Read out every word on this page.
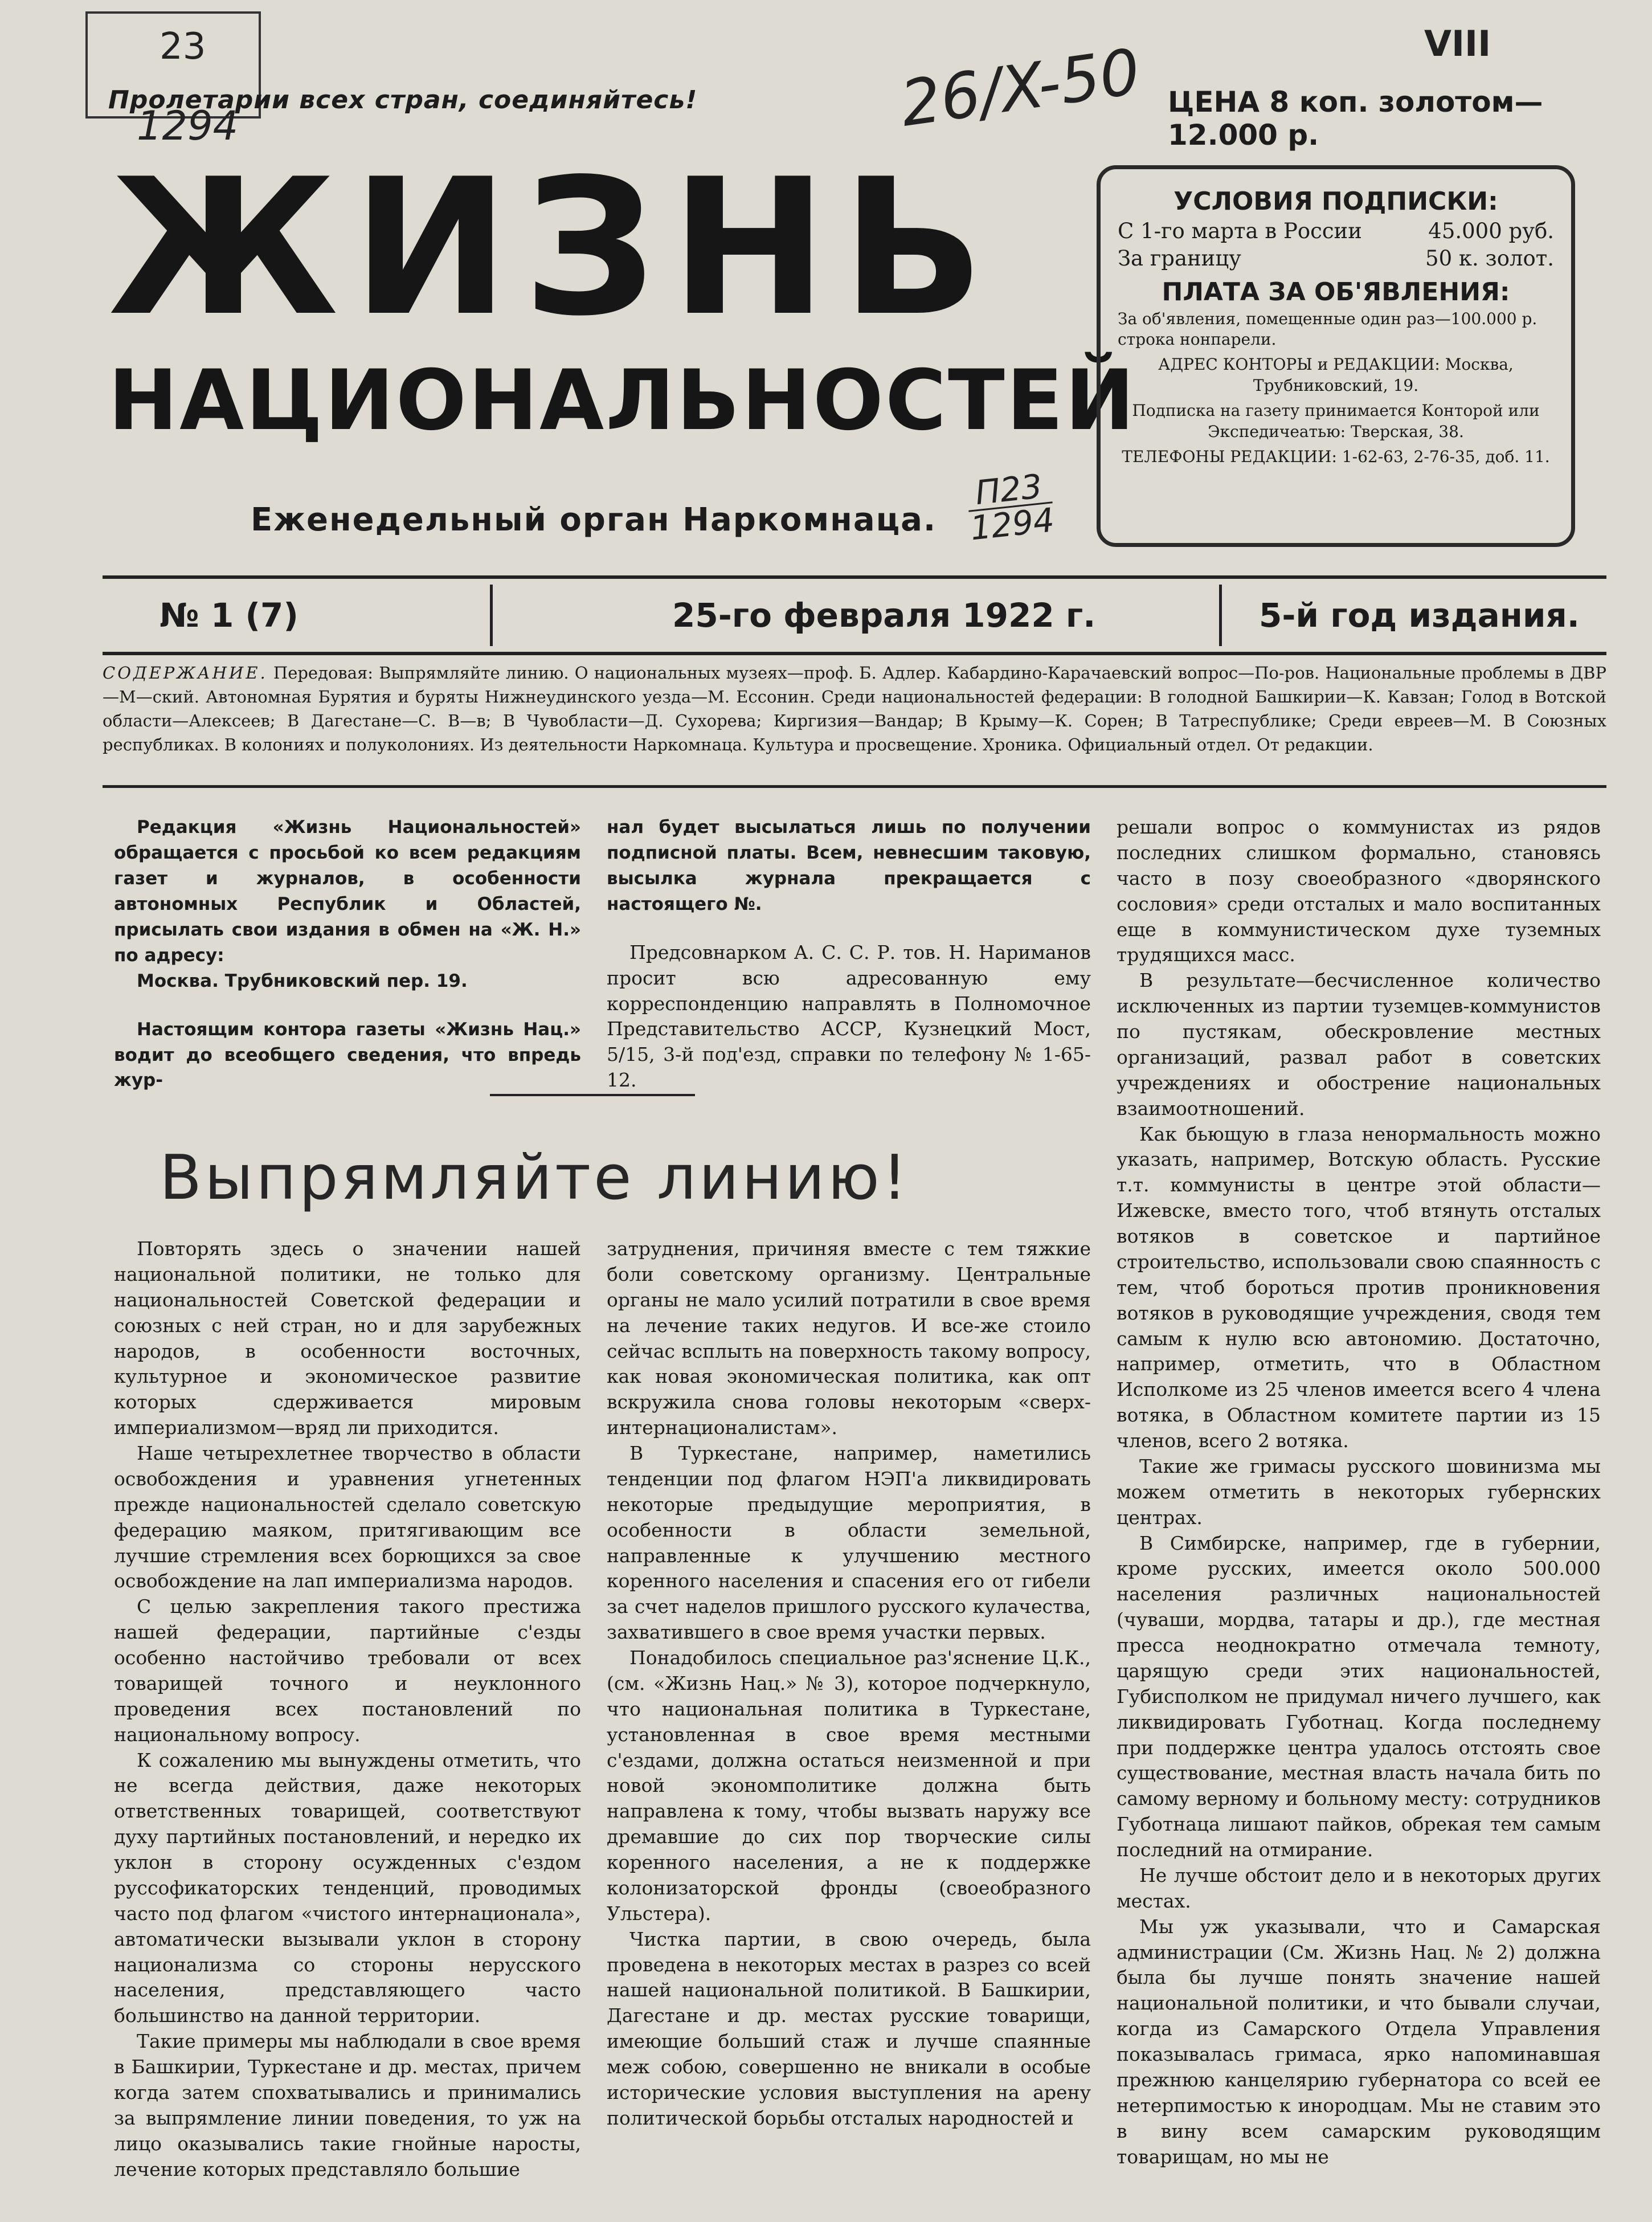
23
1294	26/X-50	VIII
П23
1294
Пролетарии всех стран, соединяйтесь!	ЦЕНА 8 коп. золотом—12.000 р.
ЖИЗНЬ
НАЦИОНАЛЬНОСТЕЙ
Еженедельный орган Наркомнаца.
УСЛОВИЯ ПОДПИСКИ:
С 1-го марта в России	45.000 руб.
За границу	50 к. золот.
ПЛАТА ЗА ОБ'ЯВЛЕНИЯ:
За об'явления, помещенные один раз—100.000 р. строка нонпарели.
АДРЕС КОНТОРЫ и РЕДАКЦИИ: Москва, Трубниковский, 19.
Подписка на газету принимается Конторой или Экспедичеатью: Тверская, 38.
ТЕЛЕФОНЫ РЕДАКЦИИ: 1-62-63, 2-76-35, доб. 11.
№ 1 (7)	25-го февраля 1922 г.	5-й год издания.
СОДЕРЖАНИЕ. Передовая: Выпрямляйте линию. О национальных музеях—проф. Б. Адлер. Кабардино-Карачаевский вопрос—По-ров. Национальные проблемы в ДВР—М—ский. Автономная Бурятия и буряты Нижнеудинского уезда—М. Ессонин. Среди национальностей федерации: В голодной Башкирии—К. Кавзан; Голод в Вотской области—Алексеев; В Дагестане—С. В—в; В Чувобласти—Д. Сухорева; Киргизия—Вандар; В Крыму—К. Сорен; В Татреспублике; Среди евреев—М. В Союзных республиках. В колониях и полуколониях. Из деятельности Наркомнаца. Культура и просвещение. Хроника. Официальный отдел. От редакции.

Редакция «Жизнь Национальностей» обращается с просьбой ко всем редакциям газет и журналов, в особенности автономных Республик и Областей, присылать свои издания в обмен на «Ж. Н.» по адресу:

Москва. Трубниковский пер. 19.

Настоящим контора газеты «Жизнь Нац.» водит до всеобщего сведения, что впредь жур-

нал будет высылаться лишь по получении подписной платы. Всем, невнесшим таковую, высылка журнала прекращается с настоящего №.

Предсовнарком А. С. С. Р. тов. Н. Нариманов просит всю адресованную ему корреспонденцию направлять в Полномочное Представительство АССР, Кузнецкий Мост, 5/15, 3-й под'езд, справки по телефону № 1-65-12.

Выпрямляйте линию!

Повторять здесь о значении нашей национальной политики, не только для национальностей Советской федерации и союзных с ней стран, но и для зарубежных народов, в особенности восточных, культурное и экономическое развитие которых сдерживается мировым империализмом—вряд ли приходится.

Наше четырехлетнее творчество в области освобождения и уравнения угнетенных прежде национальностей сделало советскую федерацию маяком, притягивающим все лучшие стремления всех борющихся за свое освобождение на лап империализма народов.

С целью закрепления такого престижа нашей федерации, партийные с'езды особенно настойчиво требовали от всех товарищей точного и неуклонного проведения всех постановлений по национальному вопросу.

К сожалению мы вынуждены отметить, что не всегда действия, даже некоторых ответственных товарищей, соответствуют духу партийных постановлений, и нередко их уклон в сторону осужденных с'ездом руссофикаторских тенденций, проводимых часто под флагом «чистого интернационала», автоматически вызывали уклон в сторону национализма со стороны нерусского населения, представляющего часто большинство на данной территории.

Такие примеры мы наблюдали в свое время в Башкирии, Туркестане и др. местах, причем когда затем спохватывались и принимались за выпрямление линии поведения, то уж на лицо оказывались такие гнойные наросты, лечение которых представляло большие

затруднения, причиняя вместе с тем тяжкие боли советскому организму. Центральные органы не мало усилий потратили в свое время на лечение таких недугов. И все-же стоило сейчас всплыть на поверхность такому вопросу, как новая экономическая политика, как опт вскружила снова головы некоторым «сверх-интернационалистам».

В Туркестане, например, наметились тенденции под флагом НЭП'а ликвидировать некоторые предыдущие мероприятия, в особенности в области земельной, направленные к улучшению местного коренного населения и спасения его от гибели за счет наделов пришлого русского кулачества, захватившего в свое время участки первых.

Понадобилось специальное раз'яснение Ц.К., (см. «Жизнь Нац.» № 3), которое подчеркнуло, что национальная политика в Туркестане, установленная в свое время местными с'ездами, должна остаться неизменной и при новой экономполитике должна быть направлена к тому, чтобы вызвать наружу все дремавшие до сих пор творческие силы коренного населения, а не к поддержке колонизаторской фронды (своеобразного Ульстера).

Чистка партии, в свою очередь, была проведена в некоторых местах в разрез со всей нашей национальной политикой. В Башкирии, Дагестане и др. местах русские товарищи, имеющие больший стаж и лучше спаянные меж собою, совершенно не вникали в особые исторические условия выступления на арену политической борьбы отсталых народностей и

решали вопрос о коммунистах из рядов последних слишком формально, становясь часто в позу своеобразного «дворянского сословия» среди отсталых и мало воспитанных еще в коммунистическом духе туземных трудящихся масс.

В результате—бесчисленное количество исключенных из партии туземцев-коммунистов по пустякам, обескровление местных организаций, развал работ в советских учреждениях и обострение национальных взаимоотношений.

Как бьющую в глаза ненормальность можно указать, например, Вотскую область. Русские т.т. коммунисты в центре этой области—Ижевске, вместо того, чтоб втянуть отсталых вотяков в советское и партийное строительство, использовали свою спаянность с тем, чтоб бороться против проникновения вотяков в руководящие учреждения, сводя тем самым к нулю всю автономию. Достаточно, например, отметить, что в Областном Исполкоме из 25 членов имеется всего 4 члена вотяка, в Областном комитете партии из 15 членов, всего 2 вотяка.

Такие же гримасы русского шовинизма мы можем отметить в некоторых губернских центрах.

В Симбирске, например, где в губернии, кроме русских, имеется около 500.000 населения различных национальностей (чуваши, мордва, татары и др.), где местная пресса неоднократно отмечала темноту, царящую среди этих национальностей, Губисполком не придумал ничего лучшего, как ликвидировать Губотнац. Когда последнему при поддержке центра удалось отстоять свое существование, местная власть начала бить по самому верному и больному месту: сотрудников Губотнаца лишают пайков, обрекая тем самым последний на отмирание.

Не лучше обстоит дело и в некоторых других местах.

Мы уж указывали, что и Самарская администрации (См. Жизнь Нац. № 2) должна была бы лучше понять значение нашей национальной политики, и что бывали случаи, когда из Самарского Отдела Управления показывалась гримаса, ярко напоминавшая прежнюю канцелярию губернатора со всей ее нетерпимостью к инородцам. Мы не ставим это в вину всем самарским руководящим товарищам, но мы не
